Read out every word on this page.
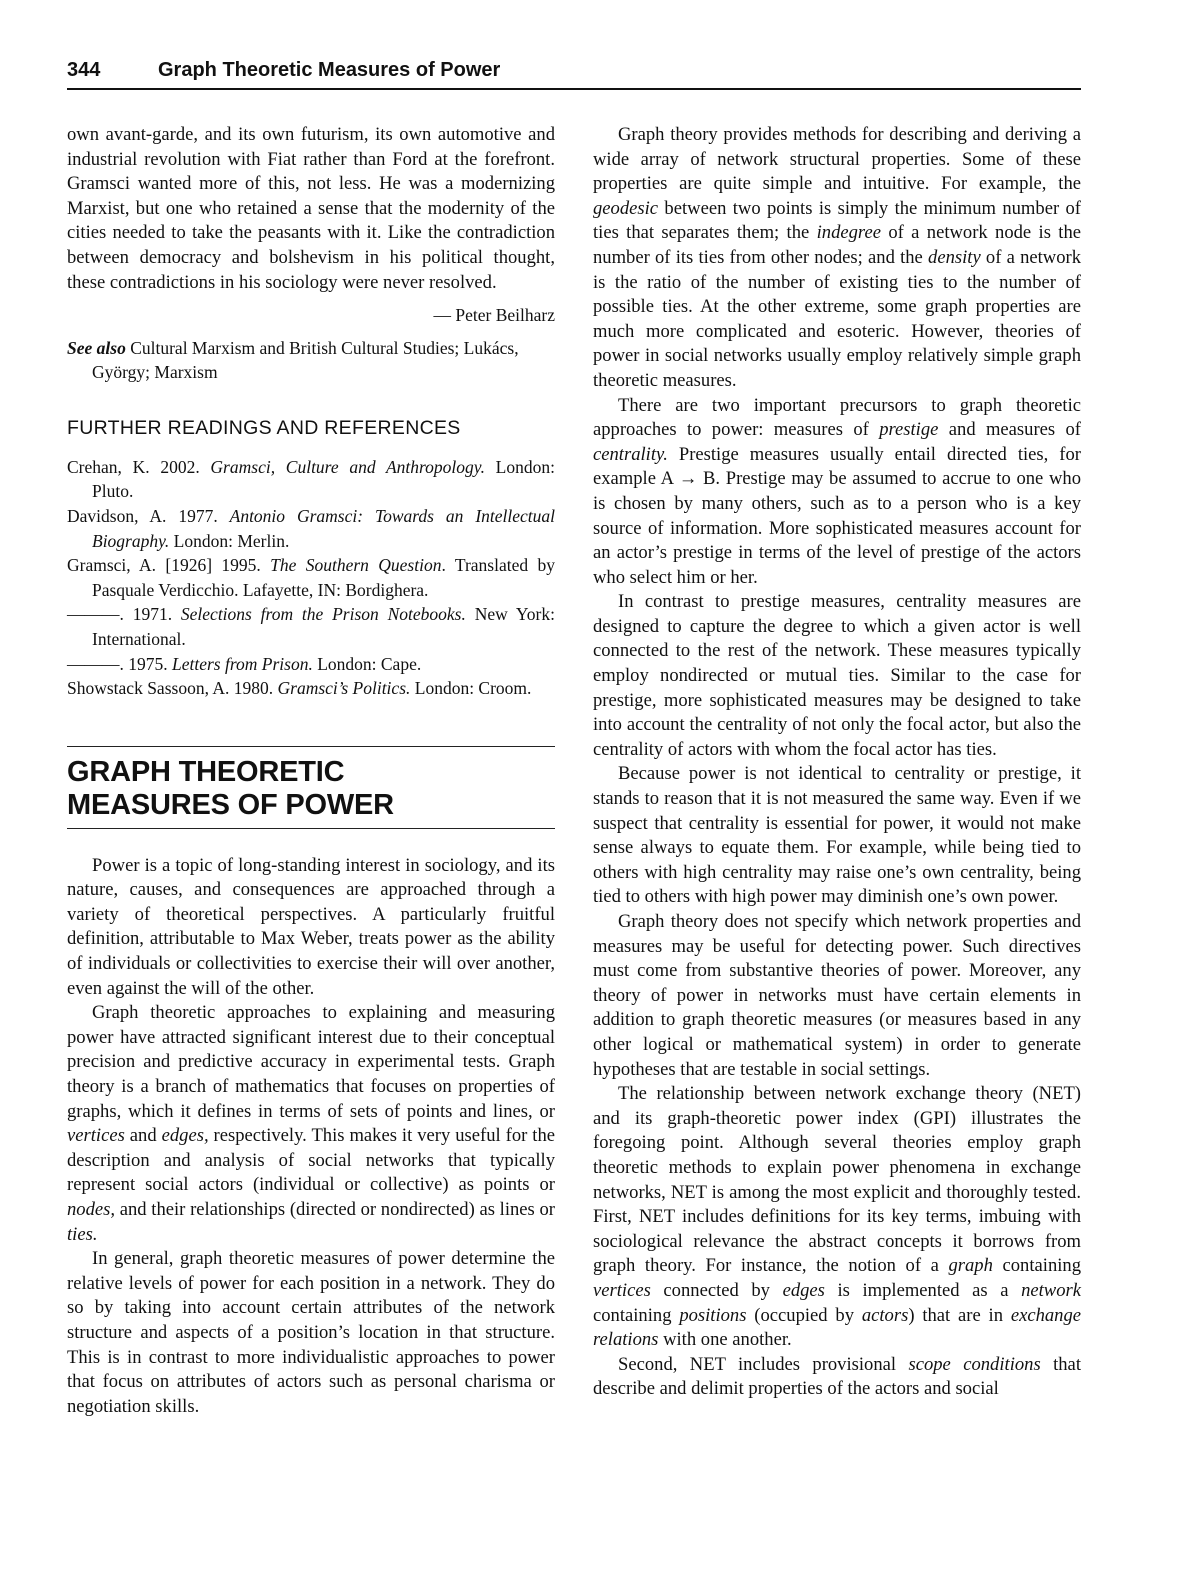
344	Graph Theoretic Measures of Power

own avant-garde, and its own futurism, its own automotive and industrial revolution with Fiat rather than Ford at the forefront. Gramsci wanted more of this, not less. He was a modernizing Marxist, but one who retained a sense that the modernity of the cities needed to take the peasants with it. Like the contradiction between democracy and bolshevism in his political thought, these contradictions in his sociology were never resolved.

— Peter Beilharz
See also Cultural Marxism and British Cultural Studies; Lukács, György; Marxism
FURTHER READINGS AND REFERENCES
Crehan, K. 2002. Gramsci, Culture and Anthropology. London: Pluto.
Davidson, A. 1977. Antonio Gramsci: Towards an Intellectual Biography. London: Merlin.
Gramsci, A. [1926] 1995. The Southern Question. Translated by Pasquale Verdicchio. Lafayette, IN: Bordighera.
———. 1971. Selections from the Prison Notebooks. New York: International.
———. 1975. Letters from Prison. London: Cape.
Showstack Sassoon, A. 1980. Gramsci’s Politics. London: Croom.
GRAPH THEORETIC
MEASURES OF POWER

Power is a topic of long-standing interest in sociology, and its nature, causes, and consequences are approached through a variety of theoretical perspectives. A particularly fruitful definition, attributable to Max Weber, treats power as the ability of individuals or collectivities to exercise their will over another, even against the will of the other.

Graph theoretic approaches to explaining and measuring power have attracted significant interest due to their conceptual precision and predictive accuracy in experimental tests. Graph theory is a branch of mathematics that focuses on properties of graphs, which it defines in terms of sets of points and lines, or vertices and edges, respectively. This makes it very useful for the description and analysis of social networks that typically represent social actors (individual or collective) as points or nodes, and their relationships (directed or nondirected) as lines or ties.

In general, graph theoretic measures of power determine the relative levels of power for each position in a network. They do so by taking into account certain attributes of the network structure and aspects of a position’s location in that structure. This is in contrast to more individualistic approaches to power that focus on attributes of actors such as personal charisma or negotiation skills.

Graph theory provides methods for describing and deriving a wide array of network structural properties. Some of these properties are quite simple and intuitive. For example, the geodesic between two points is simply the minimum number of ties that separates them; the indegree of a network node is the number of its ties from other nodes; and the density of a network is the ratio of the number of existing ties to the number of possible ties. At the other extreme, some graph properties are much more complicated and esoteric. However, theories of power in social networks usually employ relatively simple graph theoretic measures.

There are two important precursors to graph theoretic approaches to power: measures of prestige and measures of centrality. Prestige measures usually entail directed ties, for example A → B. Prestige may be assumed to accrue to one who is chosen by many others, such as to a person who is a key source of information. More sophisticated measures account for an actor’s prestige in terms of the level of prestige of the actors who select him or her.

In contrast to prestige measures, centrality measures are designed to capture the degree to which a given actor is well connected to the rest of the network. These measures typically employ nondirected or mutual ties. Similar to the case for prestige, more sophisticated measures may be designed to take into account the centrality of not only the focal actor, but also the centrality of actors with whom the focal actor has ties.

Because power is not identical to centrality or prestige, it stands to reason that it is not measured the same way. Even if we suspect that centrality is essential for power, it would not make sense always to equate them. For example, while being tied to others with high centrality may raise one’s own centrality, being tied to others with high power may diminish one’s own power.

Graph theory does not specify which network properties and measures may be useful for detecting power. Such directives must come from substantive theories of power. Moreover, any theory of power in networks must have certain elements in addition to graph theoretic measures (or measures based in any other logical or mathematical system) in order to generate hypotheses that are testable in social settings.

The relationship between network exchange theory (NET) and its graph-theoretic power index (GPI) illustrates the foregoing point. Although several theories employ graph theoretic methods to explain power phenomena in exchange networks, NET is among the most explicit and thoroughly tested. First, NET includes definitions for its key terms, imbuing with sociological relevance the abstract concepts it borrows from graph theory. For instance, the notion of a graph containing vertices connected by edges is implemented as a network containing positions (occupied by actors) that are in exchange relations with one another.

Second, NET includes provisional scope conditions that describe and delimit properties of the actors and social
